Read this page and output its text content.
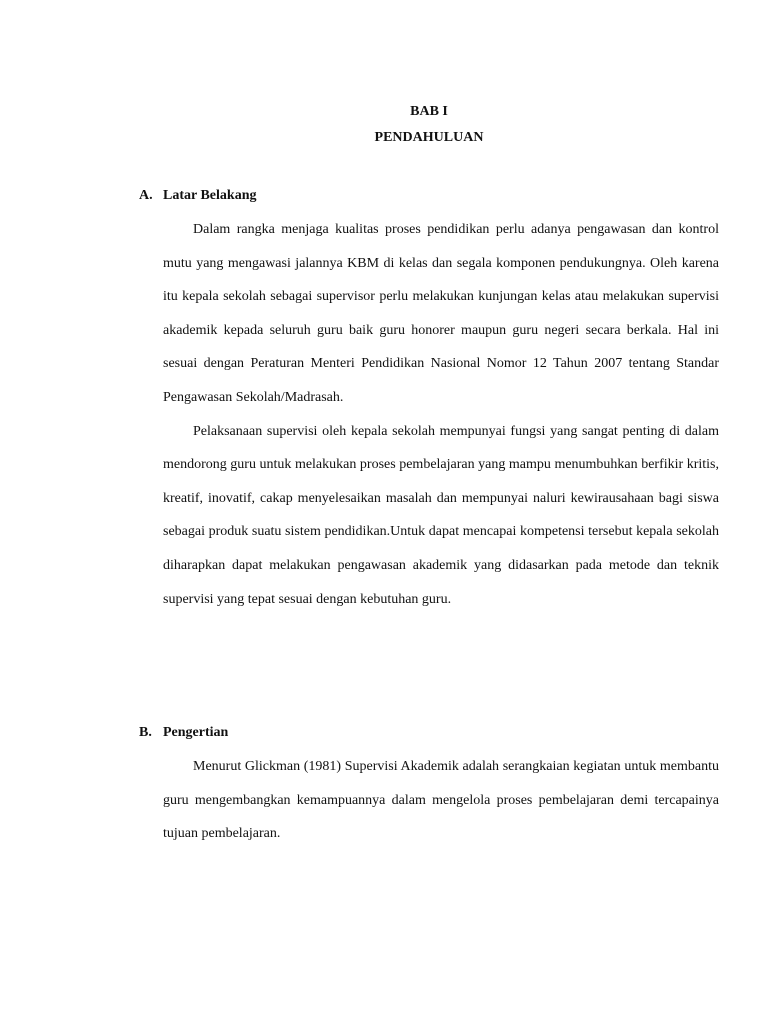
BAB I

PENDAHULUAN

A. Latar Belakang

Dalam rangka menjaga kualitas proses pendidikan perlu adanya pengawasan dan kontrol mutu yang mengawasi jalannya KBM di kelas dan segala komponen pendukungnya. Oleh karena itu kepala sekolah sebagai supervisor perlu melakukan kunjungan kelas atau melakukan supervisi akademik kepada seluruh guru baik guru honorer maupun guru negeri secara berkala. Hal ini sesuai dengan Peraturan Menteri Pendidikan Nasional Nomor 12 Tahun 2007 tentang Standar Pengawasan Sekolah/Madrasah.

Pelaksanaan supervisi oleh kepala sekolah mempunyai fungsi yang sangat penting di dalam mendorong guru untuk melakukan proses pembelajaran yang mampu menumbuhkan berfikir kritis, kreatif, inovatif, cakap menyelesaikan masalah dan mempunyai naluri kewirausahaan bagi siswa sebagai produk suatu sistem pendidikan.Untuk dapat mencapai kompetensi tersebut kepala sekolah diharapkan dapat melakukan pengawasan akademik yang didasarkan pada metode dan teknik supervisi yang tepat sesuai dengan kebutuhan guru.

B. Pengertian

Menurut Glickman (1981) Supervisi Akademik adalah serangkaian kegiatan untuk membantu guru mengembangkan kemampuannya dalam mengelola proses pembelajaran demi tercapainya tujuan pembelajaran.
